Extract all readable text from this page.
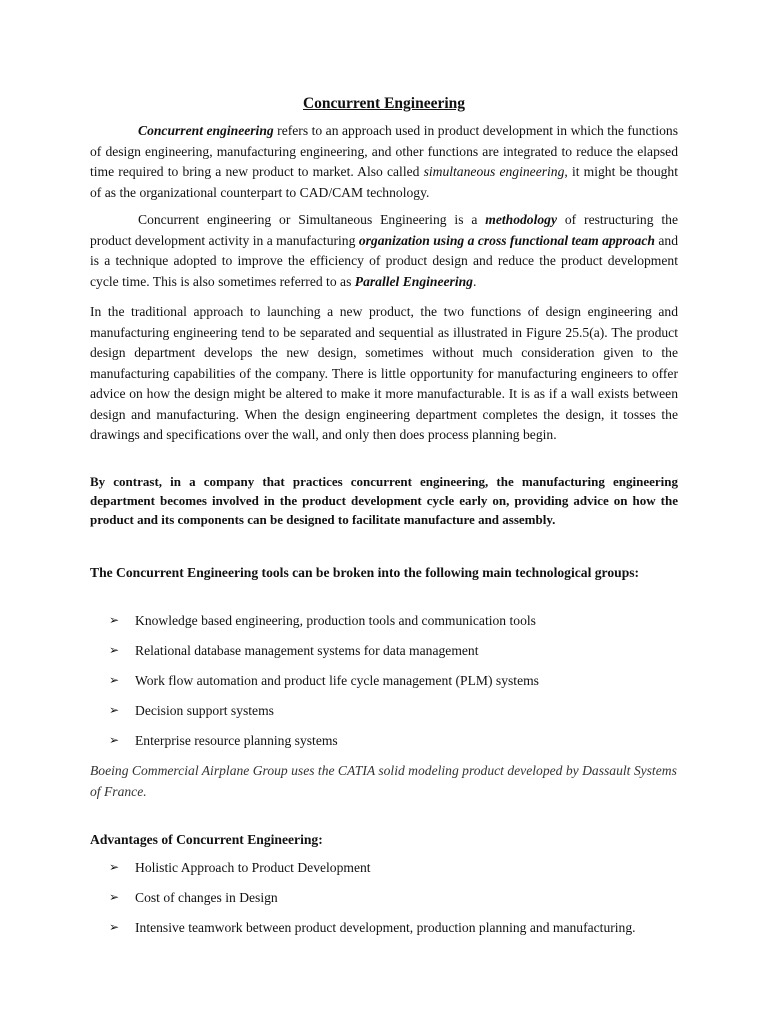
Concurrent Engineering

Concurrent engineering refers to an approach used in product development in which the functions of design engineering, manufacturing engineering, and other functions are integrated to reduce the elapsed time required to bring a new product to market. Also called simultaneous engineering, it might be thought of as the organizational counterpart to CAD/CAM technology.

Concurrent engineering or Simultaneous Engineering is a methodology of restructuring the product development activity in a manufacturing organization using a cross functional team approach and is a technique adopted to improve the efficiency of product design and reduce the product development cycle time. This is also sometimes referred to as Parallel Engineering.

In the traditional approach to launching a new product, the two functions of design engineering and manufacturing engineering tend to be separated and sequential as illustrated in Figure 25.5(a). The product design department develops the new design, sometimes without much consideration given to the manufacturing capabilities of the company. There is little opportunity for manufacturing engineers to offer advice on how the design might be altered to make it more manufacturable. It is as if a wall exists between design and manufacturing. When the design engineering department completes the design, it tosses the drawings and specifications over the wall, and only then does process planning begin.

By contrast, in a company that practices concurrent engineering, the manufacturing engineering department becomes involved in the product development cycle early on, providing advice on how the product and its components can be designed to facilitate manufacture and assembly.

The Concurrent Engineering tools can be broken into the following main technological groups:

➢ Knowledge based engineering, production tools and communication tools
➢ Relational database management systems for data management
➢ Work flow automation and product life cycle management (PLM) systems
➢ Decision support systems
➢ Enterprise resource planning systems

Boeing Commercial Airplane Group uses the CATIA solid modeling product developed by Dassault Systems of France.

Advantages of Concurrent Engineering:

➢ Holistic Approach to Product Development
➢ Cost of changes in Design
➢ Intensive teamwork between product development, production planning and manufacturing.
